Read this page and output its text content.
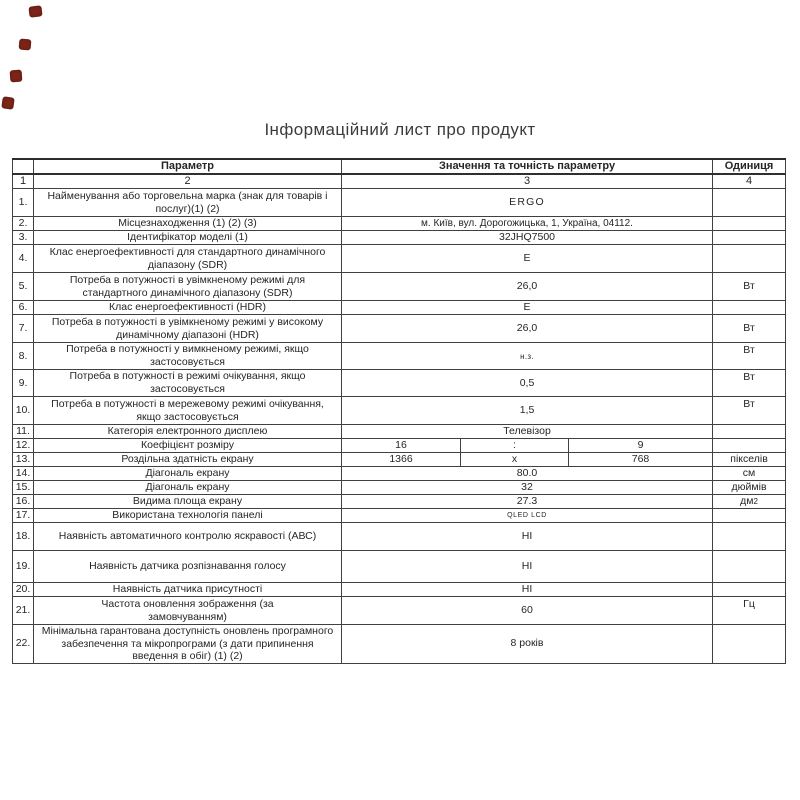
Інформаційний лист про продукт
	Параметр	Значення та точність параметру			Одиниця
1	2	3			4
1.	Найменування або торговельна марка (знак для товарів і послуг)(1) (2)	ERGO			
2.	Місцезнаходження (1) (2) (3)	м. Київ, вул. Дорогожицька, 1, Україна, 04112.			
3.	Ідентифікатор моделі (1)	32JHQ7500			
4.	Клас енергоефективності для стандартного динамічного діапазону (SDR)	Е			
5.	Потреба в потужності в увімкненому режимі для стандартного динамічного діапазону (SDR)	26,0			Вт
6.	Клас енергоефективності (HDR)	Е			
7.	Потреба в потужності в увімкненому режимі у високому динамічному діапазоні (HDR)	26,0			Вт
8.	Потреба в потужності у вимкненому режимі, якщо застосовується	н.з.			Вт
9.	Потреба в потужності в режимі очікування, якщо застосовується	0,5			Вт
10.	Потреба в потужності в мережевому режимі очікування, якщо застосовується	1,5			Вт
11.	Категорія електронного дисплею	Телевізор			
12.	Коефіцієнт розміру	16	:	9	
13.	Роздільна здатність екрану	1366	х	768	пікселів
14.	Діагональ екрану	80.0			см
15.	Діагональ екрану	32			дюймів
16.	Видима площа екрану	27.3			дм2
17.	Використана технологія панелі	QLED LCD			
18.	Наявність автоматичного контролю яскравості (АВС)	НІ			
19.	Наявність датчика розпізнавання голосу	НІ			
20.	Наявність датчика присутності	НІ			
21.	Частота оновлення зображення (за замовчуванням)	60			Гц
22.	Мінімальна гарантована доступність оновлень програмного забезпечення та мікропрограми (з дати припинення введення в обіг) (1) (2)	8 років			
